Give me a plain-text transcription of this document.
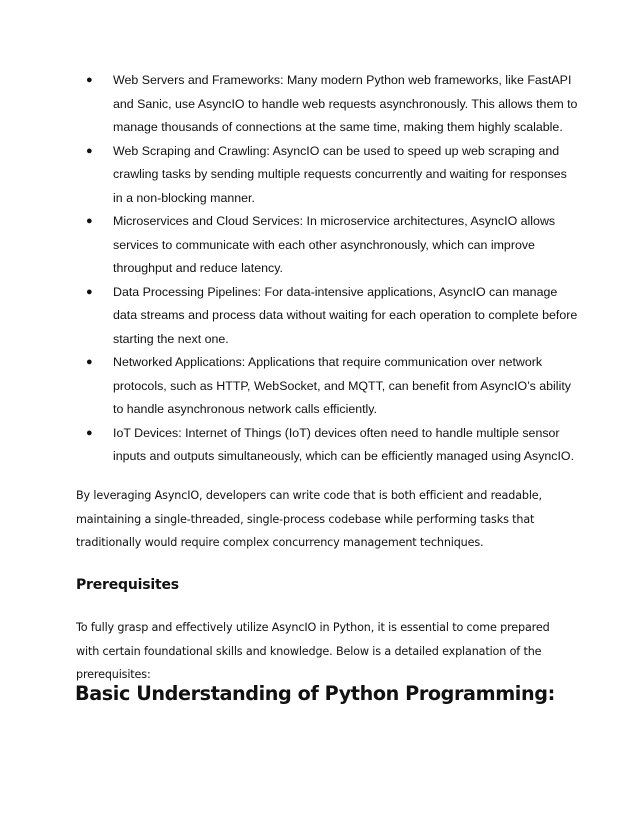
● Web Servers and Frameworks: Many modern Python web frameworks, like FastAPI and Sanic, use AsyncIO to handle web requests asynchronously. This allows them to manage thousands of connections at the same time, making them highly scalable.
● Web Scraping and Crawling: AsyncIO can be used to speed up web scraping and crawling tasks by sending multiple requests concurrently and waiting for responses in a non-blocking manner.
● Microservices and Cloud Services: In microservice architectures, AsyncIO allows services to communicate with each other asynchronously, which can improve throughput and reduce latency.
● Data Processing Pipelines: For data-intensive applications, AsyncIO can manage data streams and process data without waiting for each operation to complete before starting the next one.
● Networked Applications: Applications that require communication over network protocols, such as HTTP, WebSocket, and MQTT, can benefit from AsyncIO’s ability to handle asynchronous network calls efficiently.
● IoT Devices: Internet of Things (IoT) devices often need to handle multiple sensor inputs and outputs simultaneously, which can be efficiently managed using AsyncIO.

By leveraging AsyncIO, developers can write code that is both efficient and readable, maintaining a single-threaded, single-process codebase while performing tasks that traditionally would require complex concurrency management techniques.

Prerequisites

To fully grasp and effectively utilize AsyncIO in Python, it is essential to come prepared with certain foundational skills and knowledge. Below is a detailed explanation of the prerequisites:

Basic Understanding of Python Programming:
